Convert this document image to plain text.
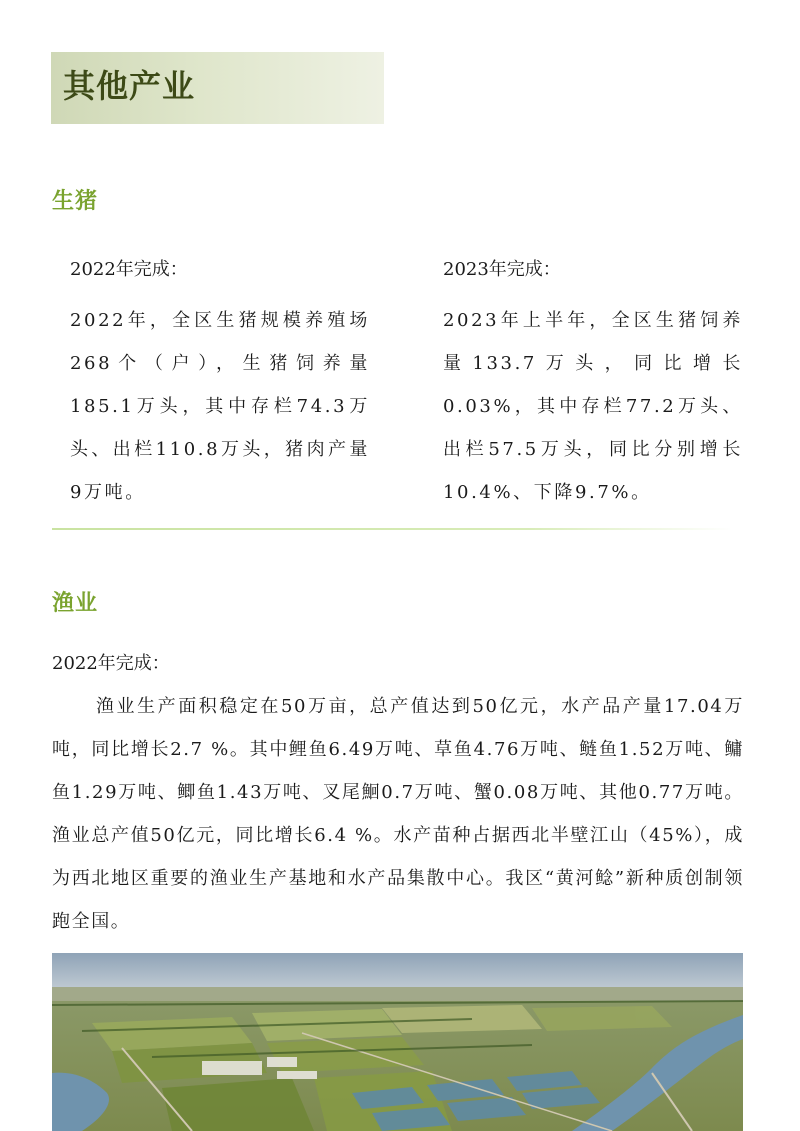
其他产业
生猪
2022年完成：
2022年，全区生猪规模养殖场268个（户），生猪饲养量185.1万头，其中存栏74.3万头、出栏110.8万头，猪肉产量9万吨。
2023年完成：
2023年上半年，全区生猪饲养量133.7万头，同比增长0.03%，其中存栏77.2万头、出栏57.5万头，同比分别增长10.4%、下降9.7%。
渔业
2022年完成：
渔业生产面积稳定在50万亩，总产值达到50亿元，水产品产量17.04万吨，同比增长2.7 %。其中鲤鱼6.49万吨、草鱼4.76万吨、鲢鱼1.52万吨、鳙鱼1.29万吨、鲫鱼1.43万吨、叉尾鮰0.7万吨、蟹0.08万吨、其他0.77万吨。渔业总产值50亿元，同比增长6.4 %。水产苗种占据西北半壁江山（45%），成为西北地区重要的渔业生产基地和水产品集散中心。我区“黄河鲶”新种质创制领跑全国。
